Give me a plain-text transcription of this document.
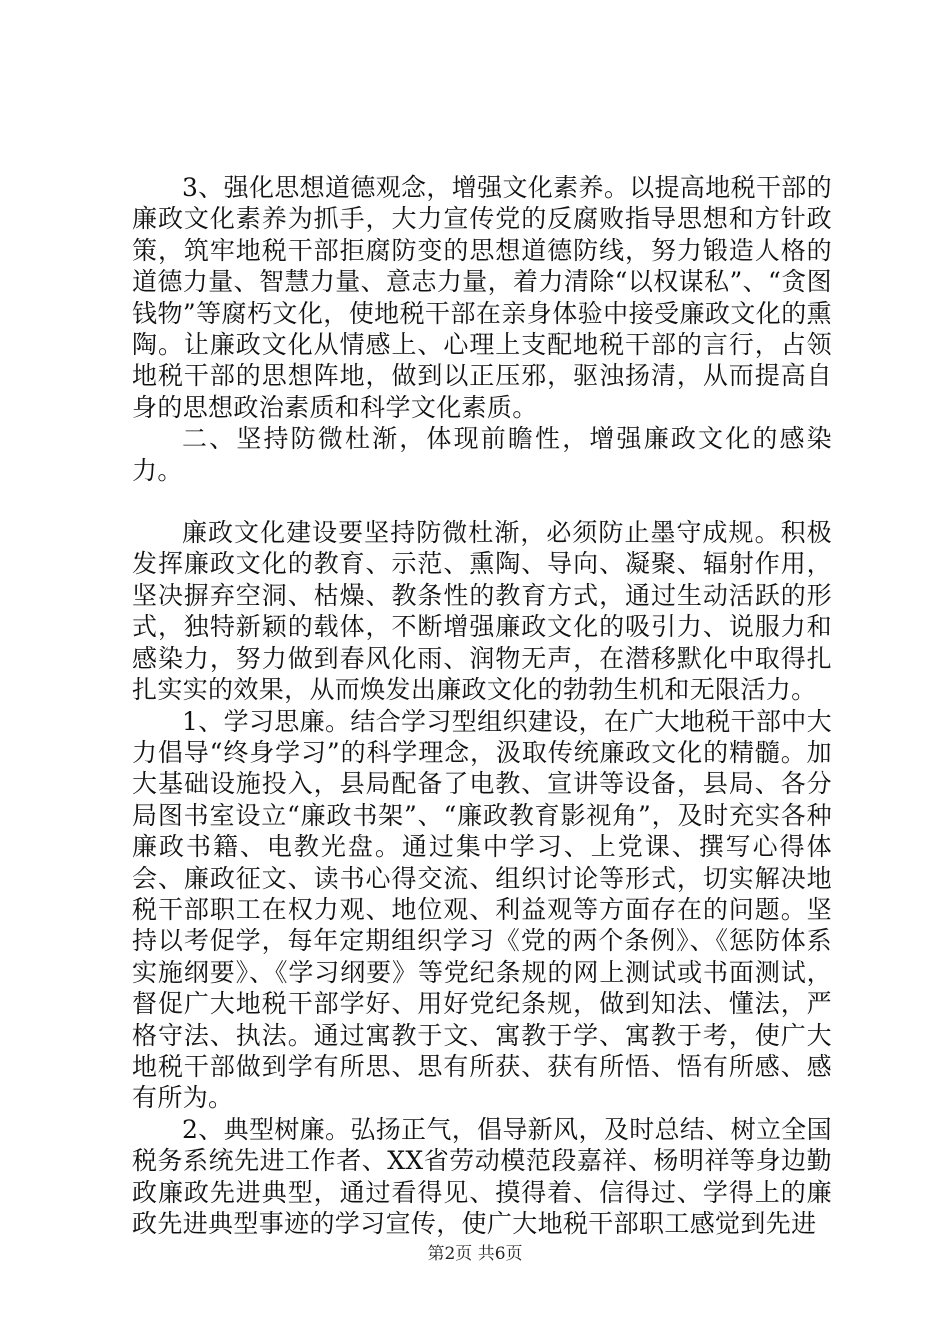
3、强化思想道德观念，增强文化素养。以提高地税干部的廉政文化素养为抓手，大力宣传党的反腐败指导思想和方针政策，筑牢地税干部拒腐防变的思想道德防线，努力锻造人格的道德力量、智慧力量、意志力量，着力清除“以权谋私”、“贪图钱物”等腐朽文化，使地税干部在亲身体验中接受廉政文化的熏陶。让廉政文化从情感上、心理上支配地税干部的言行，占领地税干部的思想阵地，做到以正压邪，驱浊扬清，从而提高自身的思想政治素质和科学文化素质。

二、坚持防微杜渐，体现前瞻性，增强廉政文化的感染力。

廉政文化建设要坚持防微杜渐，必须防止墨守成规。积极发挥廉政文化的教育、示范、熏陶、导向、凝聚、辐射作用，坚决摒弃空洞、枯燥、教条性的教育方式，通过生动活跃的形式，独特新颖的载体，不断增强廉政文化的吸引力、说服力和感染力，努力做到春风化雨、润物无声，在潜移默化中取得扎扎实实的效果，从而焕发出廉政文化的勃勃生机和无限活力。

1、学习思廉。结合学习型组织建设，在广大地税干部中大力倡导“终身学习”的科学理念，汲取传统廉政文化的精髓。加大基础设施投入，县局配备了电教、宣讲等设备，县局、各分局图书室设立“廉政书架”、“廉政教育影视角”，及时充实各种廉政书籍、电教光盘。通过集中学习、上党课、撰写心得体会、廉政征文、读书心得交流、组织讨论等形式，切实解决地税干部职工在权力观、地位观、利益观等方面存在的问题。坚持以考促学，每年定期组织学习《党的两个条例》、《惩防体系实施纲要》、《学习纲要》等党纪条规的网上测试或书面测试，督促广大地税干部学好、用好党纪条规，做到知法、懂法，严格守法、执法。通过寓教于文、寓教于学、寓教于考，使广大地税干部做到学有所思、思有所获、获有所悟、悟有所感、感有所为。

2、典型树廉。弘扬正气，倡导新风，及时总结、树立全国税务系统先进工作者、XX省劳动模范段嘉祥、杨明祥等身边勤政廉政先进典型，通过看得见、摸得着、信得过、学得上的廉政先进典型事迹的学习宣传，使广大地税干部职工感觉到先进

第2页 共6页
